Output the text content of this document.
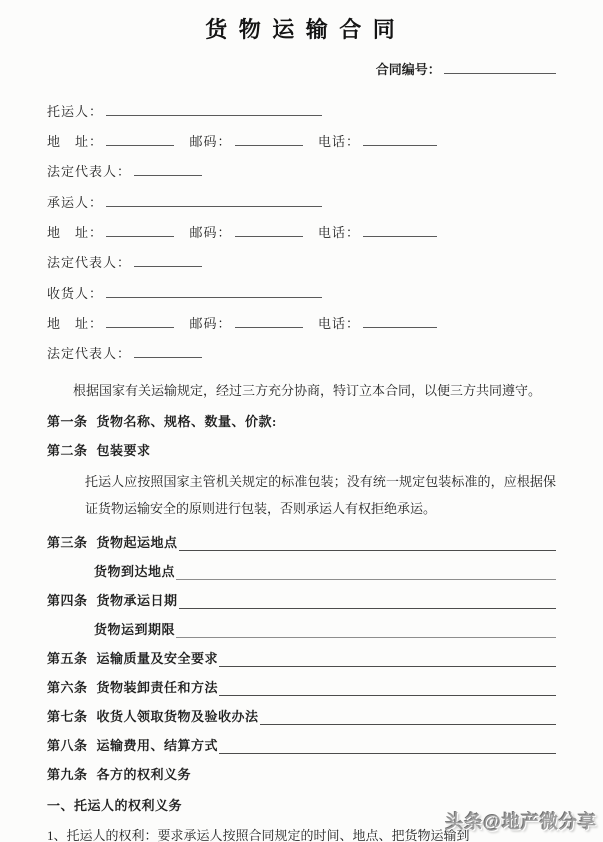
货 物 运 输 合 同
合同编号：
托运人：
地　址：	邮码：	电话：
法定代表人：
承运人：
地　址：	邮码：	电话：
法定代表人：
收货人：
地　址：	邮码：	电话：
法定代表人：

根据国家有关运输规定，经过三方充分协商，特订立本合同，以便三方共同遵守。

第一条 货物名称、规格、数量、价款:
第二条 包装要求

托运人应按照国家主管机关规定的标准包装；没有统一规定包装标准的，应根据保证货物运输安全的原则进行包装，否则承运人有权拒绝承运。

第三条 货物起运地点
货物到达地点
第四条 货物承运日期
货物运到期限
第五条 运输质量及安全要求
第六条 货物装卸责任和方法
第七条 收货人领取货物及验收办法
第八条 运输费用、结算方式
第九条 各方的权利义务
一、托运人的权利义务
1、托运人的权利：要求承运人按照合同规定的时间、地点、把货物运输到
头条@地产微分享
